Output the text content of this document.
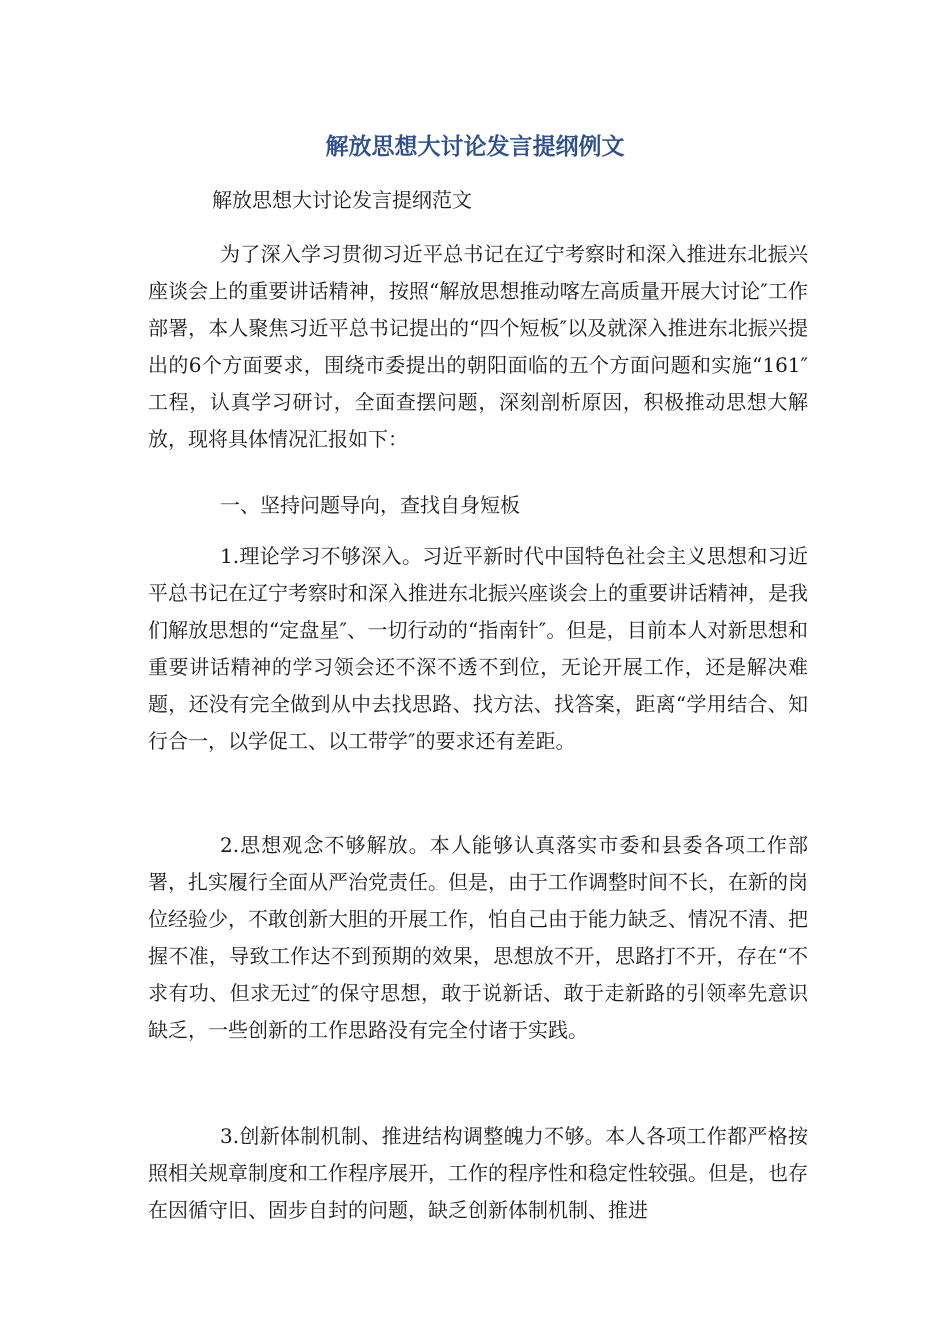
解放思想大讨论发言提纲例文

解放思想大讨论发言提纲范文

为了深入学习贯彻习近平总书记在辽宁考察时和深入推进东北振兴座谈会上的重要讲话精神，按照“解放思想推动喀左高质量开展大讨论″工作部署，本人聚焦习近平总书记提出的“四个短板″以及就深入推进东北振兴提出的6个方面要求，围绕市委提出的朝阳面临的五个方面问题和实施“161″工程，认真学习研讨，全面查摆问题，深刻剖析原因，积极推动思想大解放，现将具体情况汇报如下：

一、坚持问题导向，查找自身短板

1.理论学习不够深入。习近平新时代中国特色社会主义思想和习近平总书记在辽宁考察时和深入推进东北振兴座谈会上的重要讲话精神，是我们解放思想的“定盘星″、一切行动的“指南针″。但是，目前本人对新思想和重要讲话精神的学习领会还不深不透不到位，无论开展工作，还是解决难题，还没有完全做到从中去找思路、找方法、找答案，距离“学用结合、知行合一，以学促工、以工带学″的要求还有差距。

2.思想观念不够解放。本人能够认真落实市委和县委各项工作部署，扎实履行全面从严治党责任。但是，由于工作调整时间不长，在新的岗位经验少，不敢创新大胆的开展工作，怕自己由于能力缺乏、情况不清、把握不准，导致工作达不到预期的效果，思想放不开，思路打不开，存在“不求有功、但求无过″的保守思想，敢于说新话、敢于走新路的引领率先意识缺乏，一些创新的工作思路没有完全付诸于实践。

3.创新体制机制、推进结构调整魄力不够。本人各项工作都严格按照相关规章制度和工作程序展开，工作的程序性和稳定性较强。但是，也存在因循守旧、固步自封的问题，缺乏创新体制机制、推进
